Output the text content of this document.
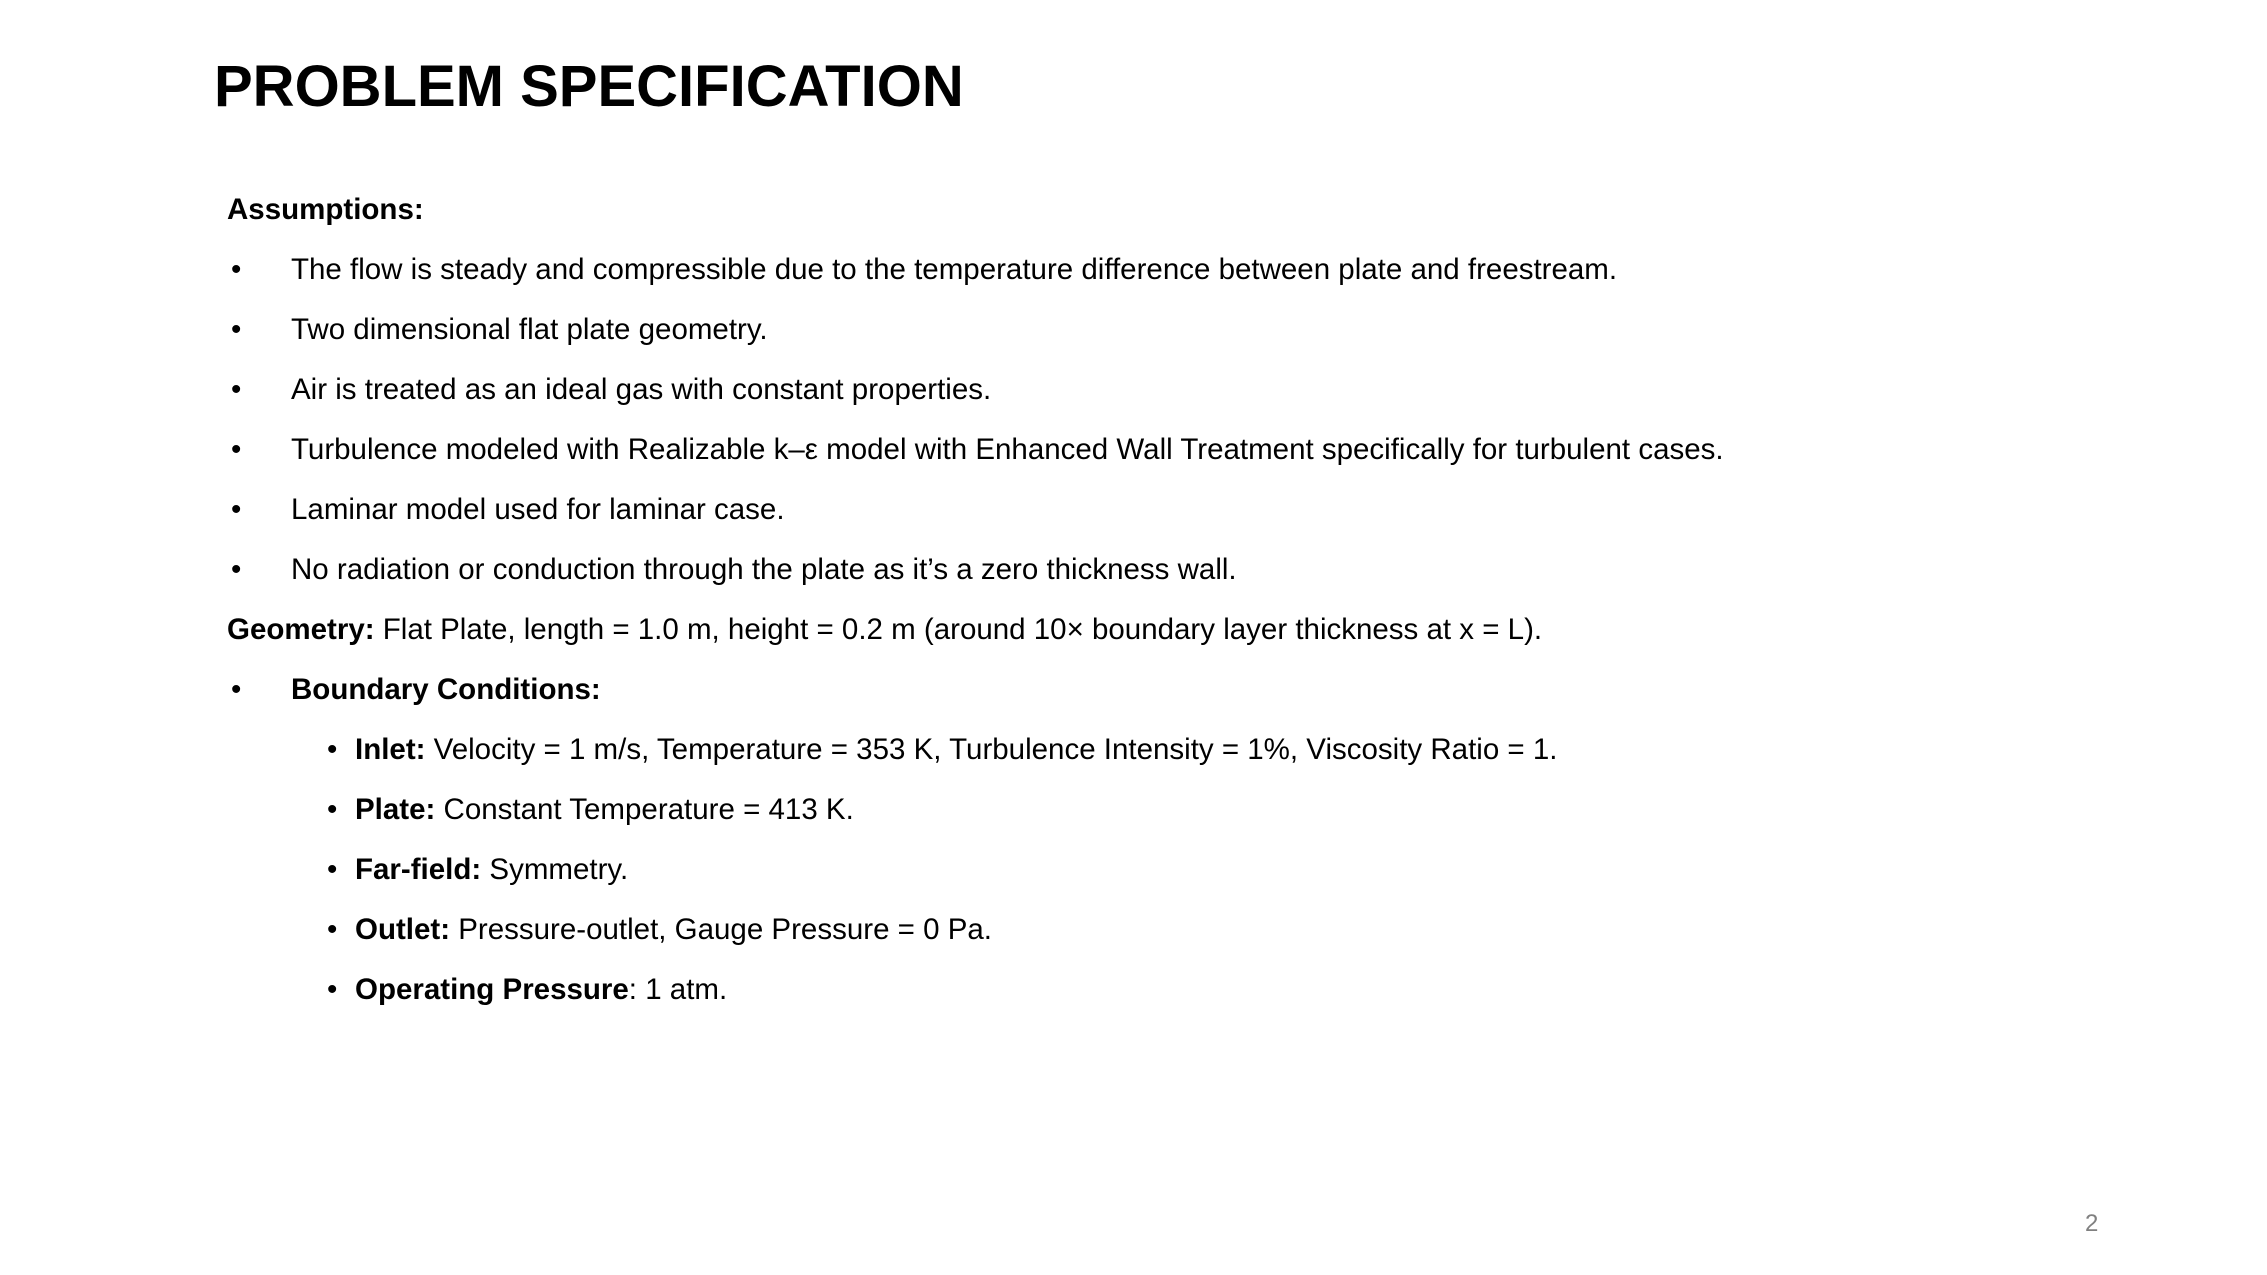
PROBLEM SPECIFICATION
Assumptions:
• The flow is steady and compressible due to the temperature difference between plate and freestream.
• Two dimensional flat plate geometry.
• Air is treated as an ideal gas with constant properties.
• Turbulence modeled with Realizable k–ε model with Enhanced Wall Treatment specifically for turbulent cases.
• Laminar model used for laminar case.
• No radiation or conduction through the plate as it’s a zero thickness wall.
Geometry: Flat Plate, length = 1.0 m, height = 0.2 m (around 10× boundary layer thickness at x = L).
• Boundary Conditions:
• Inlet: Velocity = 1 m/s, Temperature = 353 K, Turbulence Intensity = 1%, Viscosity Ratio = 1.
• Plate: Constant Temperature = 413 K.
• Far-field: Symmetry.
• Outlet: Pressure-outlet, Gauge Pressure = 0 Pa.
• Operating Pressure: 1 atm.
2
